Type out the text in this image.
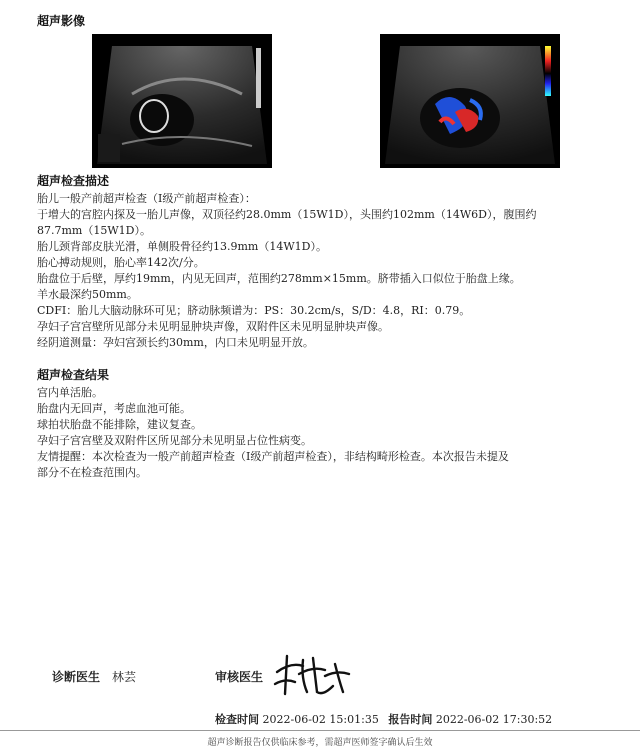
超声影像
超声检查描述
胎儿一般产前超声检查（I级产前超声检查）：
于增大的宫腔内探及一胎儿声像，双顶径约28.0mm（15W1D），头围约102mm（14W6D），腹围约
87.7mm（15W1D）。
胎儿颈背部皮肤光滑，单侧股骨径约13.9mm（14W1D）。
胎心搏动规则，胎心率142次/分。
胎盘位于后壁，厚约19mm，内见无回声，范围约278mm×15mm。脐带插入口似位于胎盘上缘。
羊水最深约50mm。
CDFI：胎儿大脑动脉环可见；脐动脉频谱为：PS：30.2cm/s，S/D：4.8，RI：0.79。
孕妇子宫宫壁所见部分未见明显肿块声像，双附件区未见明显肿块声像。
经阴道测量：孕妇宫颈长约30mm，内口未见明显开放。
超声检查结果
宫内单活胎。
胎盘内无回声，考虑血池可能。
球拍状胎盘不能排除，建议复查。
孕妇子宫宫壁及双附件区所见部分未见明显占位性病变。
友情提醒：本次检查为一般产前超声检查（I级产前超声检查），非结构畸形检查。本次报告未提及
部分不在检查范围内。
诊断医生 林芸	审核医生
检查时间 2022-06-02 15:01:35 报告时间 2022-06-02 17:30:52
超声诊断报告仅供临床参考，需超声医师签字确认后生效
